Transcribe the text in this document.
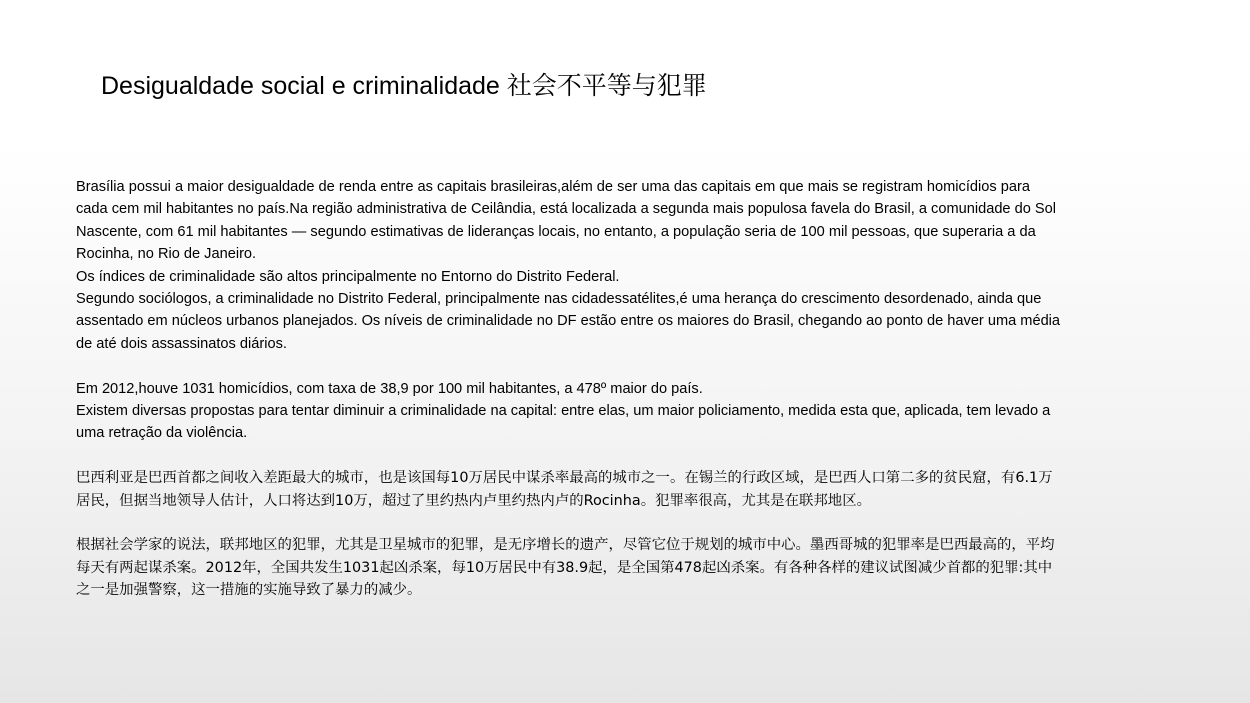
Desigualdade social e criminalidade 社会不平等与犯罪

Brasília possui a maior desigualdade de renda entre as capitais brasileiras,além de ser uma das capitais em que mais se registram homicídios para cada cem mil habitantes no país.Na região administrativa de Ceilândia, está localizada a segunda mais populosa favela do Brasil, a comunidade do Sol Nascente, com 61 mil habitantes — segundo estimativas de lideranças locais, no entanto, a população seria de 100 mil pessoas, que superaria a da Rocinha, no Rio de Janeiro.

Os índices de criminalidade são altos principalmente no Entorno do Distrito Federal.

Segundo sociólogos, a criminalidade no Distrito Federal, principalmente nas cidadessatélites,é uma herança do crescimento desordenado, ainda que assentado em núcleos urbanos planejados. Os níveis de criminalidade no DF estão entre os maiores do Brasil, chegando ao ponto de haver uma média de até dois assassinatos diários.

Em 2012,houve 1031 homicídios, com taxa de 38,9 por 100 mil habitantes, a 478º maior do país.

Existem diversas propostas para tentar diminuir a criminalidade na capital: entre elas, um maior policiamento, medida esta que, aplicada, tem levado a uma retração da violência.

巴西利亚是巴西首都之间收入差距最大的城市，也是该国每10万居民中谋杀率最高的城市之一。在锡兰的行政区域，是巴西人口第二多的贫民窟，有6.1万居民，但据当地领导人估计，人口将达到10万，超过了里约热内卢里约热内卢的Rocinha。犯罪率很高，尤其是在联邦地区。

根据社会学家的说法，联邦地区的犯罪，尤其是卫星城市的犯罪，是无序增长的遗产，尽管它位于规划的城市中心。墨西哥城的犯罪率是巴西最高的，平均每天有两起谋杀案。2012年，全国共发生1031起凶杀案，每10万居民中有38.9起，是全国第478起凶杀案。有各种各样的建议试图减少首都的犯罪:其中之一是加强警察，这一措施的实施导致了暴力的减少。
